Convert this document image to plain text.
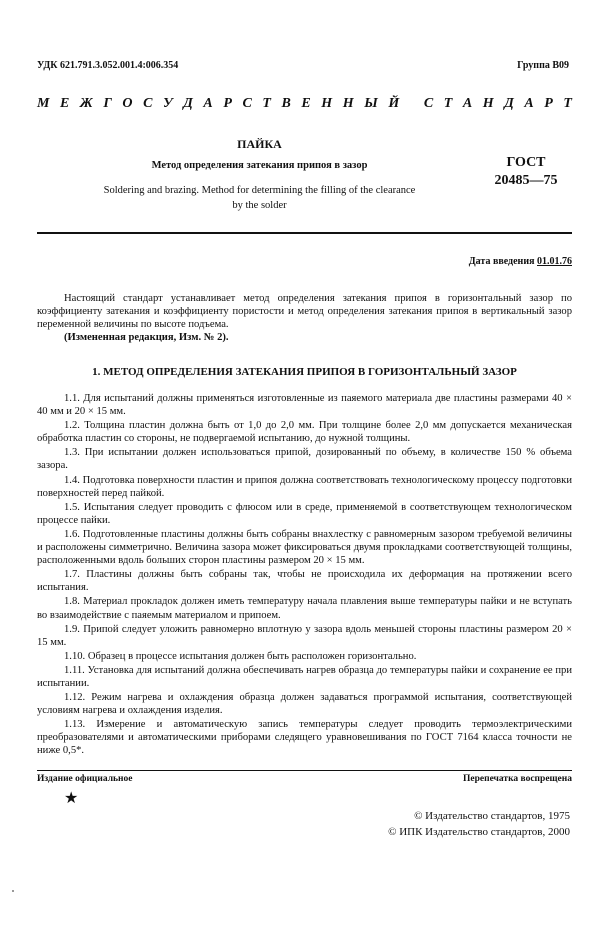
УДК 621.791.3.052.001.4:006.354	Группа В09
М Е Ж Г О С У Д А Р С Т В Е Н Н Ы Й
С Т А Н Д А Р Т
ПАЙКА
Метод определения затекания припоя в зазор
Soldering and brazing. Method for determining the filling of the clearance
by the solder
ГОСТ
20485—75
Дата введения 01.01.76

Настоящий стандарт устанавливает метод определения затекания припоя в горизонтальный зазор по коэффициенту затекания и коэффициенту пористости и метод определения затекания припоя в вертикальный зазор переменной величины по высоте подъема.

(Измененная редакция, Изм. № 2).

1. МЕТОД ОПРЕДЕЛЕНИЯ ЗАТЕКАНИЯ ПРИПОЯ В ГОРИЗОНТАЛЬНЫЙ ЗАЗОР

1.1. Для испытаний должны применяться изготовленные из паяемого материала две пластины размерами 40 × 40 мм и 20 × 15 мм.

1.2. Толщина пластин должна быть от 1,0 до 2,0 мм. При толщине более 2,0 мм допускается механическая обработка пластин со стороны, не подвергаемой испытанию, до нужной толщины.

1.3. При испытании должен использоваться припой, дозированный по объему, в количестве 150 % объема зазора.

1.4. Подготовка поверхности пластин и припоя должна соответствовать технологическому процессу подготовки поверхностей перед пайкой.

1.5. Испытания следует проводить с флюсом или в среде, применяемой в соответствующем технологическом процессе пайки.

1.6. Подготовленные пластины должны быть собраны внахлестку с равномерным зазором требуемой величины и расположены симметрично. Величина зазора может фиксироваться двумя прокладками соответствующей толщины, расположенными вдоль больших сторон пластины размером 20 × 15 мм.

1.7. Пластины должны быть собраны так, чтобы не происходила их деформация на протяжении всего испытания.

1.8. Материал прокладок должен иметь температуру начала плавления выше температуры пайки и не вступать во взаимодействие с паяемым материалом и припоем.

1.9. Припой следует уложить равномерно вплотную у зазора вдоль меньшей стороны пластины размером 20 × 15 мм.

1.10. Образец в процессе испытания должен быть расположен горизонтально.

1.11. Установка для испытаний должна обеспечивать нагрев образца до температуры пайки и сохранение ее при испытании.

1.12. Режим нагрева и охлаждения образца должен задаваться программой испытания, соответствующей условиям нагрева и охлаждения изделия.

1.13. Измерение и автоматическую запись температуры следует проводить термоэлектрическими преобразователями и автоматическими приборами следящего уравновешивания по ГОСТ 7164 класса точности не ниже 0,5*.

Издание официальное	Перепечатка воспрещена
★
© Издательство стандартов, 1975
© ИПК Издательство стандартов, 2000
